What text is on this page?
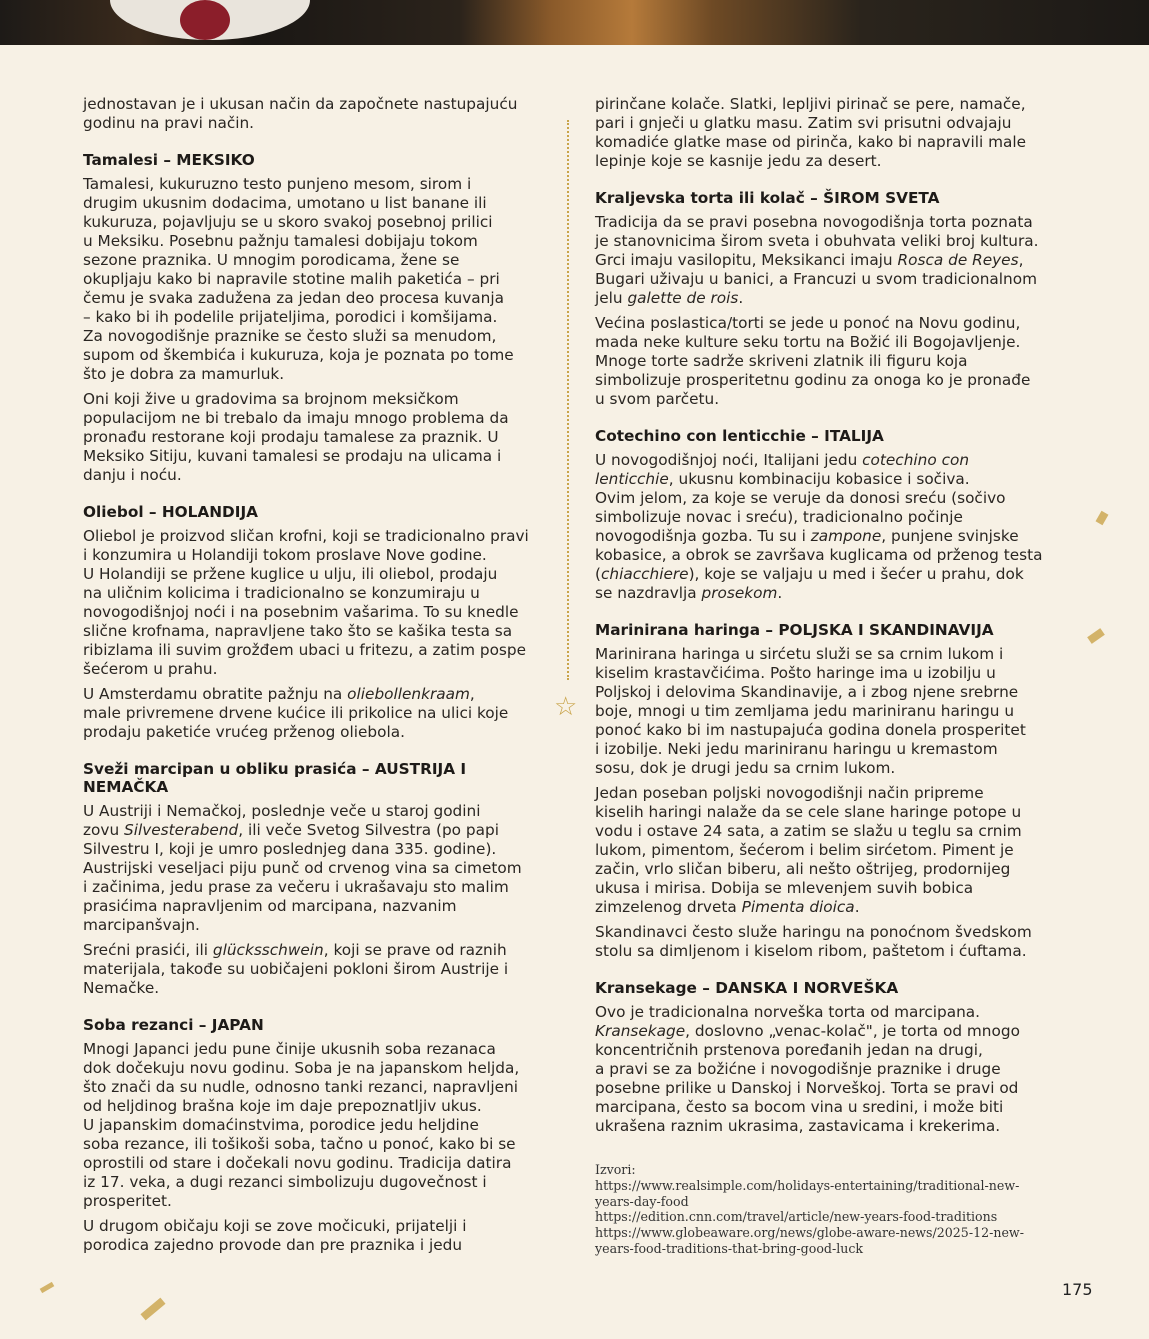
jednostavan je i ukusan način da započnete nastupajuću
godinu na pravi način.

Tamalesi – MEKSIKO

Tamalesi, kukuruzno testo punjeno mesom, sirom i
drugim ukusnim dodacima, umotano u list banane ili
kukuruza, pojavljuju se u skoro svakoj posebnoj prilici
u Meksiku. Posebnu pažnju tamalesi dobijaju tokom
sezone praznika. U mnogim porodicama, žene se
okupljaju kako bi napravile stotine malih paketića – pri
čemu je svaka zadužena za jedan deo procesa kuvanja
– kako bi ih podelile prijateljima, porodici i komšijama.
Za novogodišnje praznike se često služi sa menudom,
supom od škembića i kukuruza, koja je poznata po tome
što je dobra za mamurluk.

Oni koji žive u gradovima sa brojnom meksičkom
populacijom ne bi trebalo da imaju mnogo problema da
pronađu restorane koji prodaju tamalese za praznik. U
Meksiko Sitiju, kuvani tamalesi se prodaju na ulicama i
danju i noću.

Oliebol – HOLANDIJA

Oliebol je proizvod sličan krofni, koji se tradicionalno pravi
i konzumira u Holandiji tokom proslave Nove godine.
U Holandiji se pržene kuglice u ulju, ili oliebol, prodaju
na uličnim kolicima i tradicionalno se konzumiraju u
novogodišnjoj noći i na posebnim vašarima. To su knedle
slične krofnama, napravljene tako što se kašika testa sa
ribizlama ili suvim grožđem ubaci u fritezu, a zatim pospe
šećerom u prahu.

U Amsterdamu obratite pažnju na oliebollenkraam,
male privremene drvene kućice ili prikolice na ulici koje
prodaju paketiće vrućeg prženog oliebola.

Sveži marcipan u obliku prasića – AUSTRIJA I
NEMAČKA

U Austriji i Nemačkoj, poslednje veče u staroj godini
zovu Silvesterabend, ili veče Svetog Silvestra (po papi
Silvestru I, koji je umro poslednjeg dana 335. godine).
Austrijski veseljaci piju punč od crvenog vina sa cimetom
i začinima, jedu prase za večeru i ukrašavaju sto malim
prasićima napravljenim od marcipana, nazvanim
marcipanšvajn.

Srećni prasići, ili glücksschwein, koji se prave od raznih
materijala, takođe su uobičajeni pokloni širom Austrije i
Nemačke.

Soba rezanci – JAPAN

Mnogi Japanci jedu pune činije ukusnih soba rezanaca
dok dočekuju novu godinu. Soba je na japanskom heljda,
što znači da su nudle, odnosno tanki rezanci, napravljeni
od heljdinog brašna koje im daje prepoznatljiv ukus.
U japanskim domaćinstvima, porodice jedu heljdine
soba rezance, ili tošikoši soba, tačno u ponoć, kako bi se
oprostili od stare i dočekali novu godinu. Tradicija datira
iz 17. veka, a dugi rezanci simbolizuju dugovečnost i
prosperitet.

U drugom običaju koji se zove močicuki, prijatelji i
porodica zajedno provode dan pre praznika i jedu

☆

pirinčane kolače. Slatki, lepljivi pirinač se pere, namače,
pari i gnječi u glatku masu. Zatim svi prisutni odvajaju
komadiće glatke mase od pirinča, kako bi napravili male
lepinje koje se kasnije jedu za desert.

Kraljevska torta ili kolač – ŠIROM SVETA

Tradicija da se pravi posebna novogodišnja torta poznata
je stanovnicima širom sveta i obuhvata veliki broj kultura.
Grci imaju vasilopitu, Meksikanci imaju Rosca de Reyes,
Bugari uživaju u banici, a Francuzi u svom tradicionalnom
jelu galette de rois.

Većina poslastica/torti se jede u ponoć na Novu godinu,
mada neke kulture seku tortu na Božić ili Bogojavljenje.
Mnoge torte sadrže skriveni zlatnik ili figuru koja
simbolizuje prosperitetnu godinu za onoga ko je pronađe
u svom parčetu.

Cotechino con lenticchie – ITALIJA

U novogodišnjoj noći, Italijani jedu cotechino con
lenticchie, ukusnu kombinaciju kobasice i sočiva.
Ovim jelom, za koje se veruje da donosi sreću (sočivo
simbolizuje novac i sreću), tradicionalno počinje
novogodišnja gozba. Tu su i zampone, punjene svinjske
kobasice, a obrok se završava kuglicama od prženog testa
(chiacchiere), koje se valjaju u med i šećer u prahu, dok
se nazdravlja prosekom.

Marinirana haringa – POLJSKA I SKANDINAVIJA

Marinirana haringa u sirćetu služi se sa crnim lukom i
kiselim krastavčićima. Pošto haringe ima u izobilju u
Poljskoj i delovima Skandinavije, a i zbog njene srebrne
boje, mnogi u tim zemljama jedu mariniranu haringu u
ponoć kako bi im nastupajuća godina donela prosperitet
i izobilje. Neki jedu mariniranu haringu u kremastom
sosu, dok je drugi jedu sa crnim lukom.

Jedan poseban poljski novogodišnji način pripreme
kiselih haringi nalaže da se cele slane haringe potope u
vodu i ostave 24 sata, a zatim se slažu u teglu sa crnim
lukom, pimentom, šećerom i belim sirćetom. Piment je
začin, vrlo sličan biberu, ali nešto oštrijeg, prodornijeg
ukusa i mirisa. Dobija se mlevenjem suvih bobica
zimzelenog drveta Pimenta dioica.

Skandinavci često služe haringu na ponoćnom švedskom
stolu sa dimljenom i kiselom ribom, paštetom i ćuftama.

Kransekage – DANSKA I NORVEŠKA

Ovo je tradicionalna norveška torta od marcipana.
Kransekage, doslovno „venac-kolač", je torta od mnogo
koncentričnih prstenova poređanih jedan na drugi,
a pravi se za božićne i novogodišnje praznike i druge
posebne prilike u Danskoj i Norveškoj. Torta se pravi od
marcipana, često sa bocom vina u sredini, i može biti
ukrašena raznim ukrasima, zastavicama i krekerima.

Izvori:
https://www.realsimple.com/holidays-entertaining/traditional-new-
years-day-food
https://edition.cnn.com/travel/article/new-years-food-traditions
https://www.globeaware.org/news/globe-aware-news/2025-12-new-
years-food-traditions-that-bring-good-luck
175
